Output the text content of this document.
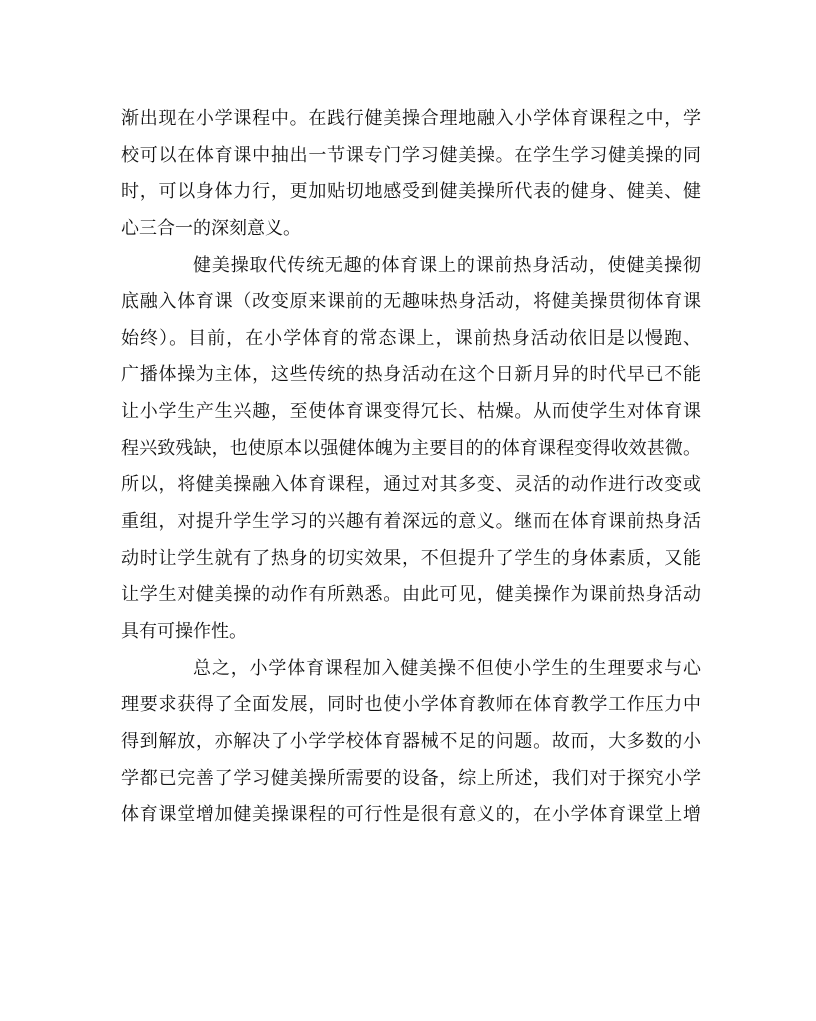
渐出现在小学课程中。在践行健美操合理地融入小学体育课程之中，学
校可以在体育课中抽出一节课专门学习健美操。在学生学习健美操的同
时，可以身体力行，更加贴切地感受到健美操所代表的健身、健美、健
心三合一的深刻意义。
健美操取代传统无趣的体育课上的课前热身活动，使健美操彻
底融入体育课（改变原来课前的无趣味热身活动，将健美操贯彻体育课
始终）。目前，在小学体育的常态课上，课前热身活动依旧是以慢跑、
广播体操为主体，这些传统的热身活动在这个日新月异的时代早已不能
让小学生产生兴趣，至使体育课变得冗长、枯燥。从而使学生对体育课
程兴致残缺，也使原本以强健体魄为主要目的的体育课程变得收效甚微。
所以，将健美操融入体育课程，通过对其多变、灵活的动作进行改变或
重组，对提升学生学习的兴趣有着深远的意义。继而在体育课前热身活
动时让学生就有了热身的切实效果，不但提升了学生的身体素质，又能
让学生对健美操的动作有所熟悉。由此可见，健美操作为课前热身活动
具有可操作性。
总之，小学体育课程加入健美操不但使小学生的生理要求与心
理要求获得了全面发展，同时也使小学体育教师在体育教学工作压力中
得到解放，亦解决了小学学校体育器械不足的问题。故而，大多数的小
学都已完善了学习健美操所需要的设备，综上所述，我们对于探究小学
体育课堂增加健美操课程的可行性是很有意义的，在小学体育课堂上增
